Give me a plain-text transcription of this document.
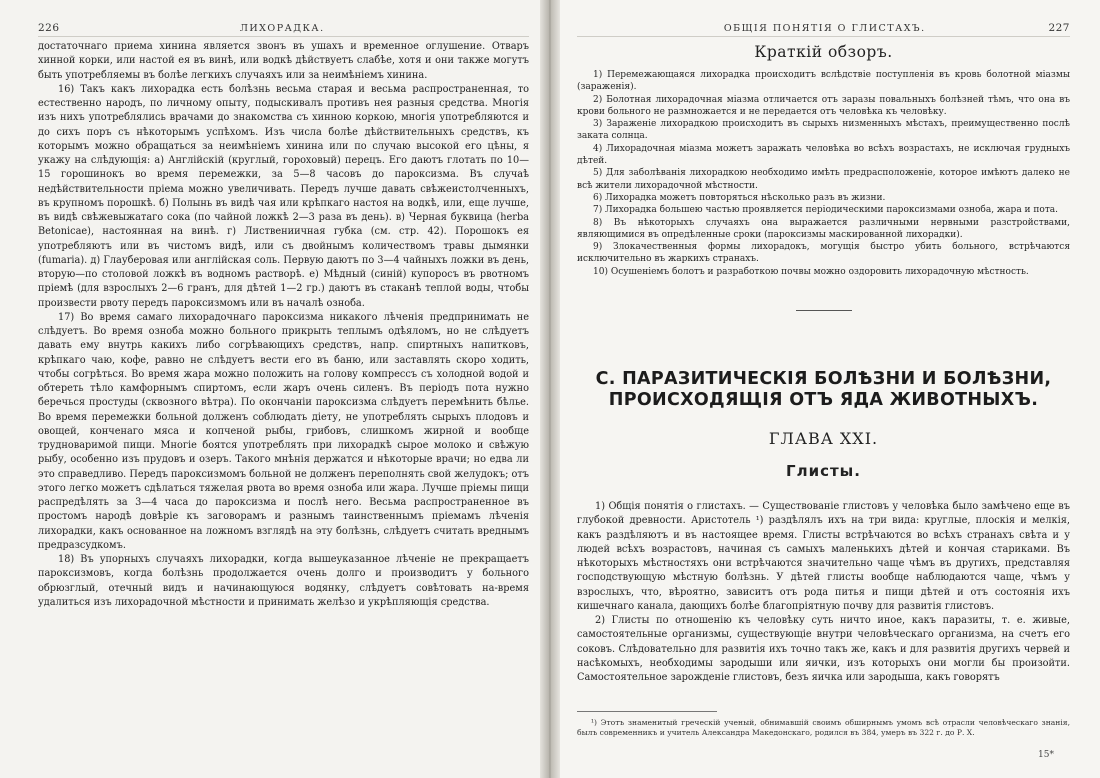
226	ЛИХОРАДКА.

достаточнаго приема хинина является звонъ въ ушахъ и временное оглушение. Отваръ хинной корки, или настой ея въ винѣ, или водкѣ дѣйствуетъ слабѣе, хотя и они также могутъ быть употребляемы въ болѣе легкихъ случаяхъ или за неимѣніемъ хинина.

16) Такъ какъ лихорадка есть болѣзнь весьма старая и весьма распространенная, то естественно народъ, по личному опыту, подыскивалъ противъ нея разныя средства. Многія изъ нихъ употреблялись врачами до знакомства съ хинною коркою, многія употребляются и до сихъ поръ съ нѣкоторымъ успѣхомъ. Изъ числа болѣе дѣйствительныхъ средствъ, къ которымъ можно обращаться за неимѣніемъ хинина или по случаю высокой его цѣны, я укажу на слѣдующія: а) Англійскій (круглый, гороховый) перецъ. Его даютъ глотать по 10—15 горошинокъ во время перемежки, за 5—8 часовъ до пароксизма. Въ случаѣ недѣйствительности пріема можно увеличивать. Передъ лучше давать свѣжеистолченныхъ, въ крупномъ порошкѣ. б) Полынь въ видѣ чая или крѣпкаго настоя на водкѣ, или, еще лучше, въ видѣ свѣжевыжатаго сока (по чайной ложкѣ 2—3 раза въ день). в) Черная буквица (herba Betonicae), настоянная на винѣ. г) Листвениичная губка (см. стр. 42). Порошокъ ея употребляютъ или въ чистомъ видѣ, или съ двойнымъ количествомъ травы дымянки (fumaria). д) Глауберовая или англійская соль. Первую даютъ по 3—4 чайныхъ ложки въ день, вторую—по столовой ложкѣ въ водномъ растворѣ. е) Мѣдный (синій) купоросъ въ рвотномъ пріемѣ (для взрослыхъ 2—6 гранъ, для дѣтей 1—2 гр.) даютъ въ стаканѣ теплой воды, чтобы произвести рвоту передъ пароксизмомъ или въ началѣ озноба.

17) Во время самаго лихорадочнаго пароксизма никакого лѣченія предпринимать не слѣдуетъ. Во время озноба можно больного прикрыть теплымъ одѣяломъ, но не слѣдуетъ давать ему внутрь какихъ либо согрѣвающихъ средствъ, напр. спиртныхъ напитковъ, крѣпкаго чаю, кофе, равно не слѣдуетъ вести его въ баню, или заставлять скоро ходить, чтобы согрѣться. Во время жара можно положить на голову компрессъ съ холодной водой и обтереть тѣло камфорнымъ спиртомъ, если жаръ очень силенъ. Въ періодъ пота нужно беречься простуды (сквозного вѣтра). По окончаніи пароксизма слѣдуетъ перемѣнить бѣлье. Во время перемежки больной долженъ соблюдать діету, не употреблять сырыхъ плодовъ и овощей, конченаго мяса и копченой рыбы, грибовъ, слишкомъ жирной и вообще трудноваримой пищи. Многіе боятся употреблять при лихорадкѣ сырое молоко и свѣжую рыбу, особенно изъ прудовъ и озеръ. Такого мнѣнія держатся и нѣкоторые врачи; но едва ли это справедливо. Передъ пароксизмомъ больной не долженъ переполнять свой желудокъ; отъ этого легко можетъ сдѣлаться тяжелая рвота во время озноба или жара. Лучше пріемы пищи распредѣлять за 3—4 часа до пароксизма и послѣ него. Весьма распространенное въ простомъ народѣ довѣріе къ заговорамъ и разнымъ таинственнымъ пріемамъ лѣченія лихорадки, какъ основанное на ложномъ взглядѣ на эту болѣзнь, слѣдуетъ считать вреднымъ предразсудкомъ.

18) Въ упорныхъ случаяхъ лихорадки, когда вышеуказанное лѣченіе не прекращаетъ пароксизмовъ, когда болѣзнь продолжается очень долго и производитъ у больного обрюзглый, отечный видъ и начинающуюся водянку, слѣдуетъ совѣтовать на-время удалиться изъ лихорадочной мѣстности и принимать желѣзо и укрѣпляющія средства.

ОБЩІЯ ПОНЯТІЯ О ГЛИСТАХЪ.	227
Краткій обзоръ.

1) Перемежающаяся лихорадка происходитъ вслѣдствіе поступленія въ кровь болотной міазмы (зараженія).

2) Болотная лихорадочная міазма отличается отъ заразы повальныхъ болѣзней тѣмъ, что она въ крови больного не размножается и не передается отъ человѣка къ человѣку.

3) Зараженіе лихорадкою происходитъ въ сырыхъ низменныхъ мѣстахъ, преимущественно послѣ заката солнца.

4) Лихорадочная міазма можетъ заражать человѣка во всѣхъ возрастахъ, не исключая грудныхъ дѣтей.

5) Для заболѣванія лихорадкою необходимо имѣть предрасположеніе, которое имѣютъ далеко не всѣ жители лихорадочной мѣстности.

6) Лихорадка можетъ повторяться нѣсколько разъ въ жизни.

7) Лихорадка большею частью проявляется періодическими пароксизмами озноба, жара и пота.

8) Въ нѣкоторыхъ случаяхъ она выражается различными нервными разстройствами, являющимися въ опредѣленные сроки (пароксизмы маскированной лихорадки).

9) Злокачественныя формы лихорадокъ, могущія быстро убить больного, встрѣчаются исключительно въ жаркихъ странахъ.

10) Осушеніемъ болотъ и разработкою почвы можно оздоровить лихорадочную мѣстность.

С. ПАРАЗИТИЧЕСКІЯ БОЛѢЗНИ И БОЛѢЗНИ, ПРОИСХОДЯЩІЯ ОТЪ ЯДА ЖИВОТНЫХЪ.
ГЛАВА XXI.
Глисты.

1) Общія понятія о глистахъ. — Существованіе глистовъ у человѣка было замѣчено еще въ глубокой древности. Аристотель ¹) раздѣлялъ ихъ на три вида: круглые, плоскія и мелкія, какъ раздѣляютъ и въ настоящее время. Глисты встрѣчаются во всѣхъ странахъ свѣта и у людей всѣхъ возрастовъ, начиная съ самыхъ маленькихъ дѣтей и кончая стариками. Въ нѣкоторыхъ мѣстностяхъ они встрѣчаются значительно чаще чѣмъ въ другихъ, представляя господствующую мѣстную болѣзнь. У дѣтей глисты вообще наблюдаются чаще, чѣмъ у взрослыхъ, что, вѣроятно, зависитъ отъ рода питья и пищи дѣтей и отъ состоянія ихъ кишечнаго канала, дающихъ болѣе благопріятную почву для развитія глистовъ.

2) Глисты по отношенію къ человѣку суть ничто иное, какъ паразиты, т. е. живые, самостоятельные организмы, существующіе внутри человѣческаго организма, на счетъ его соковъ. Слѣдовательно для развитія ихъ точно такъ же, какъ и для развитія другихъ червей и насѣкомыхъ, необходимы зародыши или яички, изъ которыхъ они могли бы произойти. Самостоятельное зарожденіе глистовъ, безъ яичка или зародыша, какъ говорятъ

¹) Этотъ знаменитый греческій ученый, обнимавшій своимъ обширнымъ умомъ всѣ отрасли человѣческаго знанія, былъ современникъ и учитель Александра Македонскаго, родился въ 384, умеръ въ 322 г. до Р. Х.

15*
